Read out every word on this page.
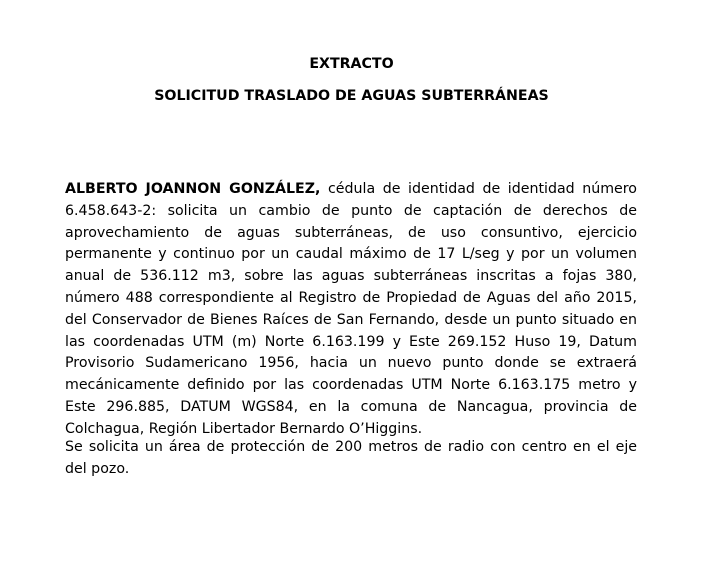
EXTRACTO
SOLICITUD TRASLADO DE AGUAS SUBTERRÁNEAS

ALBERTO JOANNON GONZÁLEZ, cédula de identidad de identidad número 6.458.643-2: solicita un cambio de punto de captación de derechos de aprovechamiento de aguas subterráneas, de uso consuntivo, ejercicio permanente y continuo por un caudal máximo de 17 L/seg y por un volumen anual de 536.112 m3, sobre las aguas subterráneas inscritas a fojas 380, número 488 correspondiente al Registro de Propiedad de Aguas del año 2015, del Conservador de Bienes Raíces de San Fernando, desde un punto situado en las coordenadas UTM (m) Norte 6.163.199 y Este 269.152 Huso 19, Datum Provisorio Sudamericano 1956, hacia un nuevo punto donde se extraerá mecánicamente definido por las coordenadas UTM Norte 6.163.175 metro y Este 296.885, DATUM WGS84, en la comuna de Nancagua, provincia de Colchagua, Región Libertador Bernardo O’Higgins.

Se solicita un área de protección de 200 metros de radio con centro en el eje del pozo.
